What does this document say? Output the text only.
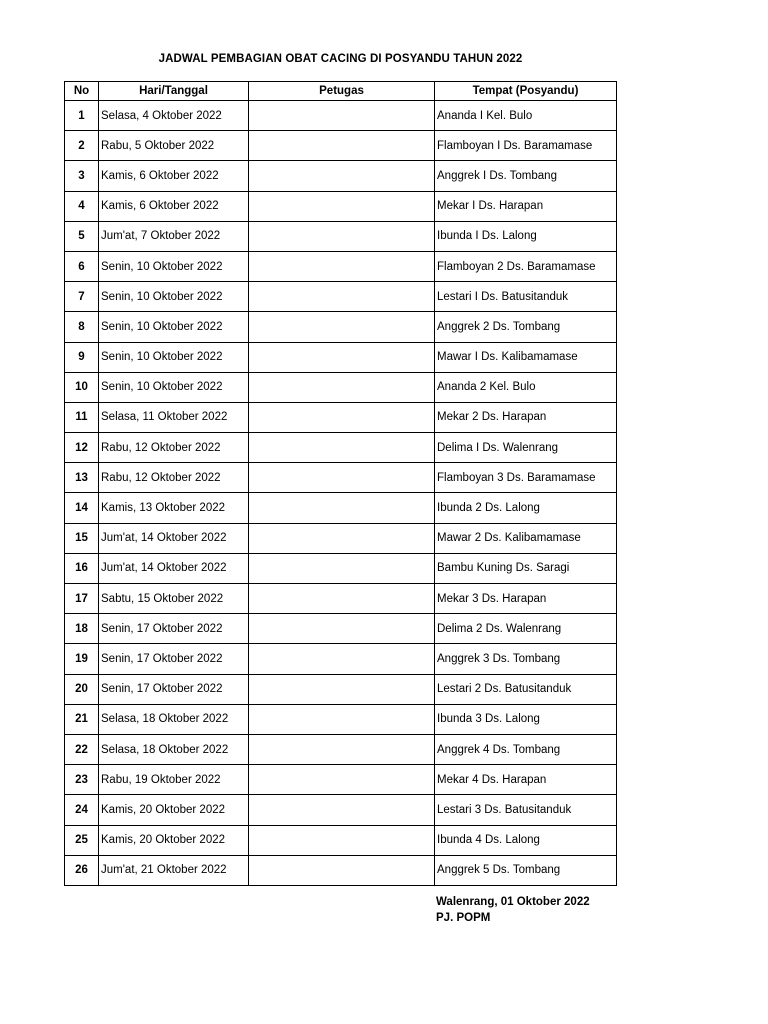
JADWAL PEMBAGIAN OBAT CACING DI POSYANDU TAHUN 2022
No	Hari/Tanggal	Petugas	Tempat (Posyandu)
1	Selasa, 4 Oktober 2022		Ananda I Kel. Bulo
2	Rabu, 5 Oktober 2022		Flamboyan I Ds. Baramamase
3	Kamis, 6 Oktober 2022		Anggrek I Ds. Tombang
4	Kamis, 6 Oktober 2022		Mekar I Ds. Harapan
5	Jum'at, 7 Oktober 2022		Ibunda I Ds. Lalong
6	Senin, 10 Oktober 2022		Flamboyan 2 Ds. Baramamase
7	Senin, 10 Oktober 2022		Lestari I Ds. Batusitanduk
8	Senin, 10 Oktober 2022		Anggrek 2 Ds. Tombang
9	Senin, 10 Oktober 2022		Mawar I Ds. Kalibamamase
10	Senin, 10 Oktober 2022		Ananda 2 Kel. Bulo
11	Selasa, 11 Oktober 2022		Mekar 2 Ds. Harapan
12	Rabu, 12 Oktober 2022		Delima I Ds. Walenrang
13	Rabu, 12 Oktober 2022		Flamboyan 3 Ds. Baramamase
14	Kamis, 13 Oktober 2022		Ibunda 2 Ds. Lalong
15	Jum'at, 14 Oktober 2022		Mawar 2 Ds. Kalibamamase
16	Jum'at, 14 Oktober 2022		Bambu Kuning Ds. Saragi
17	Sabtu, 15 Oktober 2022		Mekar 3 Ds. Harapan
18	Senin, 17 Oktober 2022		Delima 2 Ds. Walenrang
19	Senin, 17 Oktober 2022		Anggrek 3 Ds. Tombang
20	Senin, 17 Oktober 2022		Lestari 2 Ds. Batusitanduk
21	Selasa, 18 Oktober 2022		Ibunda 3 Ds. Lalong
22	Selasa, 18 Oktober 2022		Anggrek 4 Ds. Tombang
23	Rabu, 19 Oktober 2022		Mekar 4 Ds. Harapan
24	Kamis, 20 Oktober 2022		Lestari 3 Ds. Batusitanduk
25	Kamis, 20 Oktober 2022		Ibunda 4 Ds. Lalong
26	Jum'at, 21 Oktober 2022		Anggrek 5 Ds. Tombang
Walenrang, 01 Oktober 2022
PJ. POPM
